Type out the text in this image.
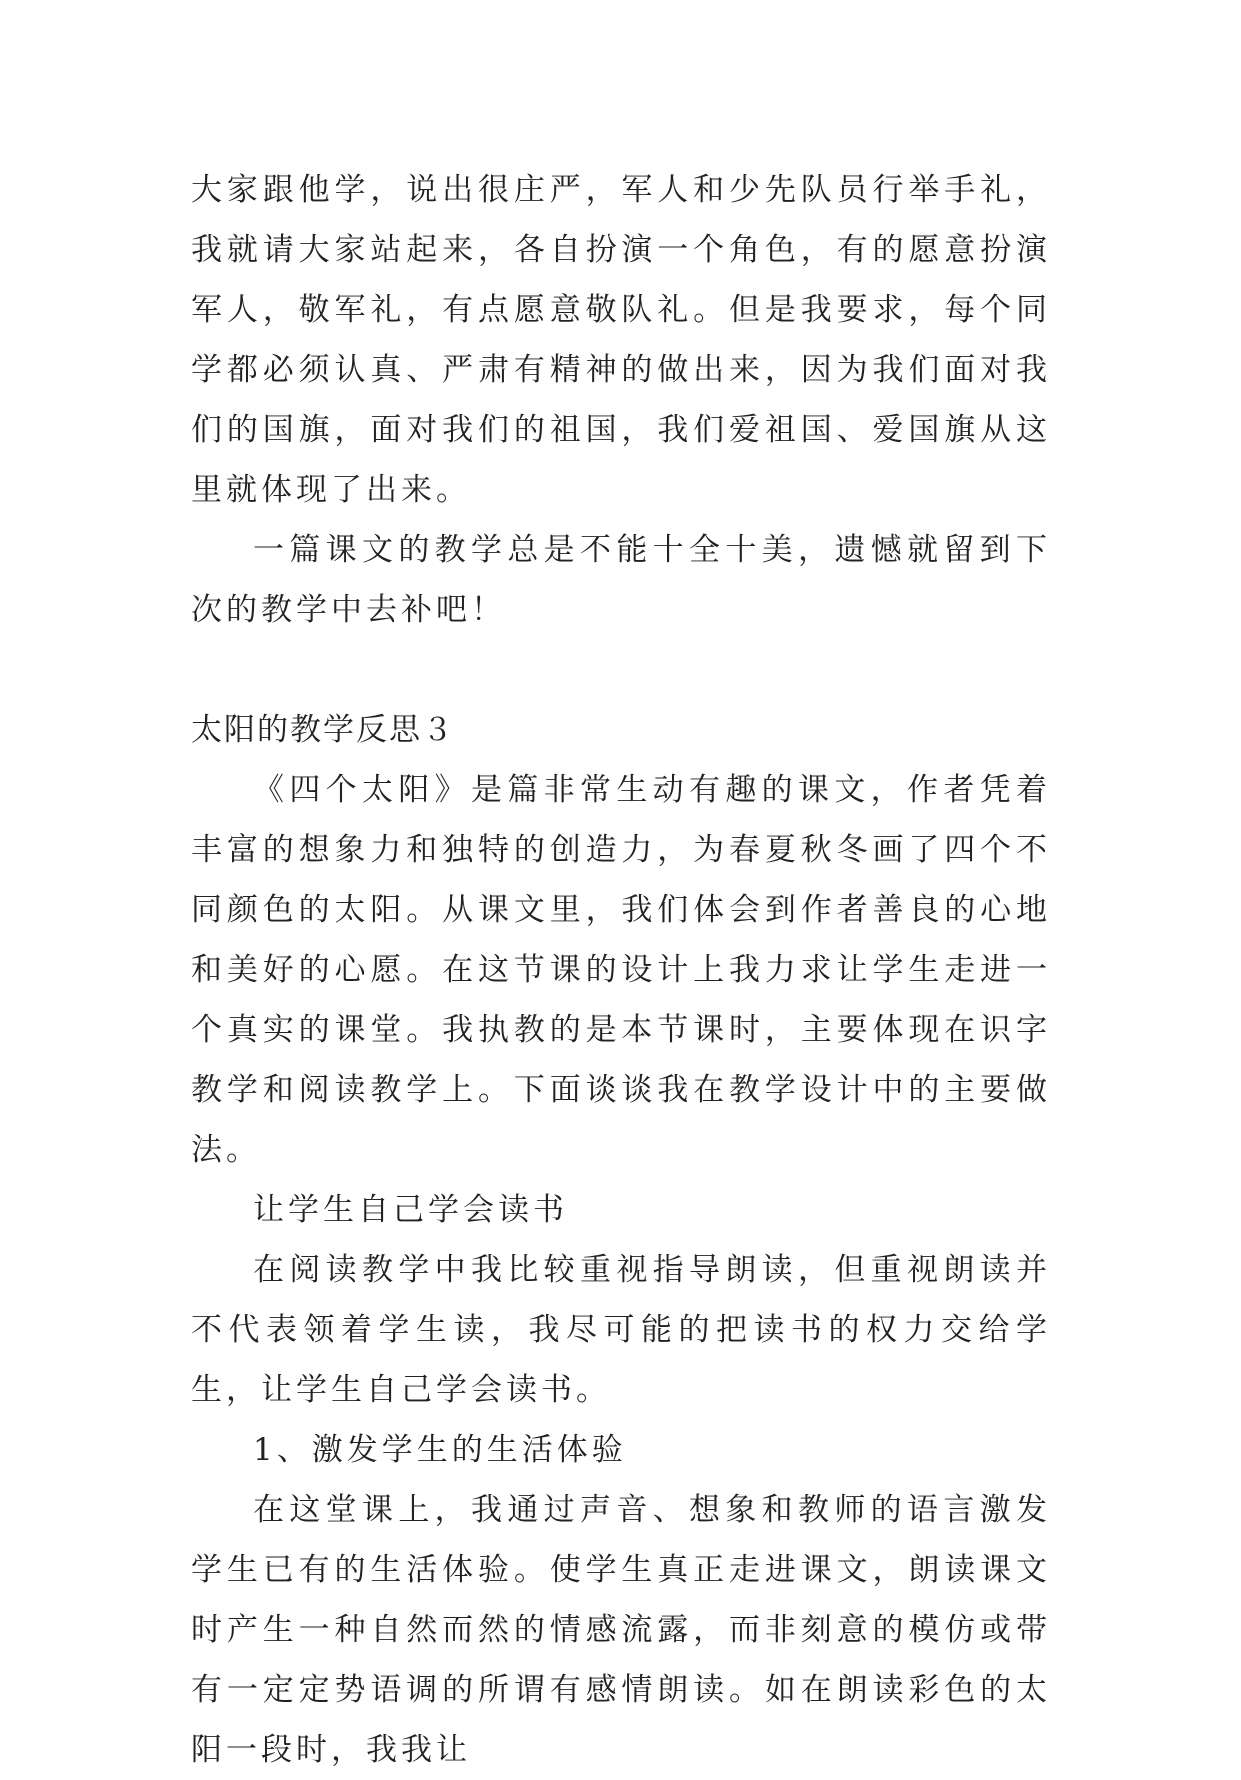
大家跟他学，说出很庄严，军人和少先队员行举手礼，我就请大家站起来，各自扮演一个角色，有的愿意扮演军人，敬军礼，有点愿意敬队礼。但是我要求，每个同学都必须认真、严肃有精神的做出来，因为我们面对我们的国旗，面对我们的祖国，我们爱祖国、爱国旗从这里就体现了出来。

一篇课文的教学总是不能十全十美，遗憾就留到下次的教学中去补吧！

太阳的教学反思３

《四个太阳》是篇非常生动有趣的课文，作者凭着丰富的想象力和独特的创造力，为春夏秋冬画了四个不同颜色的太阳。从课文里，我们体会到作者善良的心地和美好的心愿。在这节课的设计上我力求让学生走进一个真实的课堂。我执教的是本节课时，主要体现在识字教学和阅读教学上。下面谈谈我在教学设计中的主要做法。

让学生自己学会读书

在阅读教学中我比较重视指导朗读，但重视朗读并不代表领着学生读，我尽可能的把读书的权力交给学生，让学生自己学会读书。

1、激发学生的生活体验

在这堂课上，我通过声音、想象和教师的语言激发学生已有的生活体验。使学生真正走进课文，朗读课文时产生一种自然而然的情感流露，而非刻意的模仿或带有一定定势语调的所谓有感情朗读。如在朗读彩色的太阳一段时，我我让
